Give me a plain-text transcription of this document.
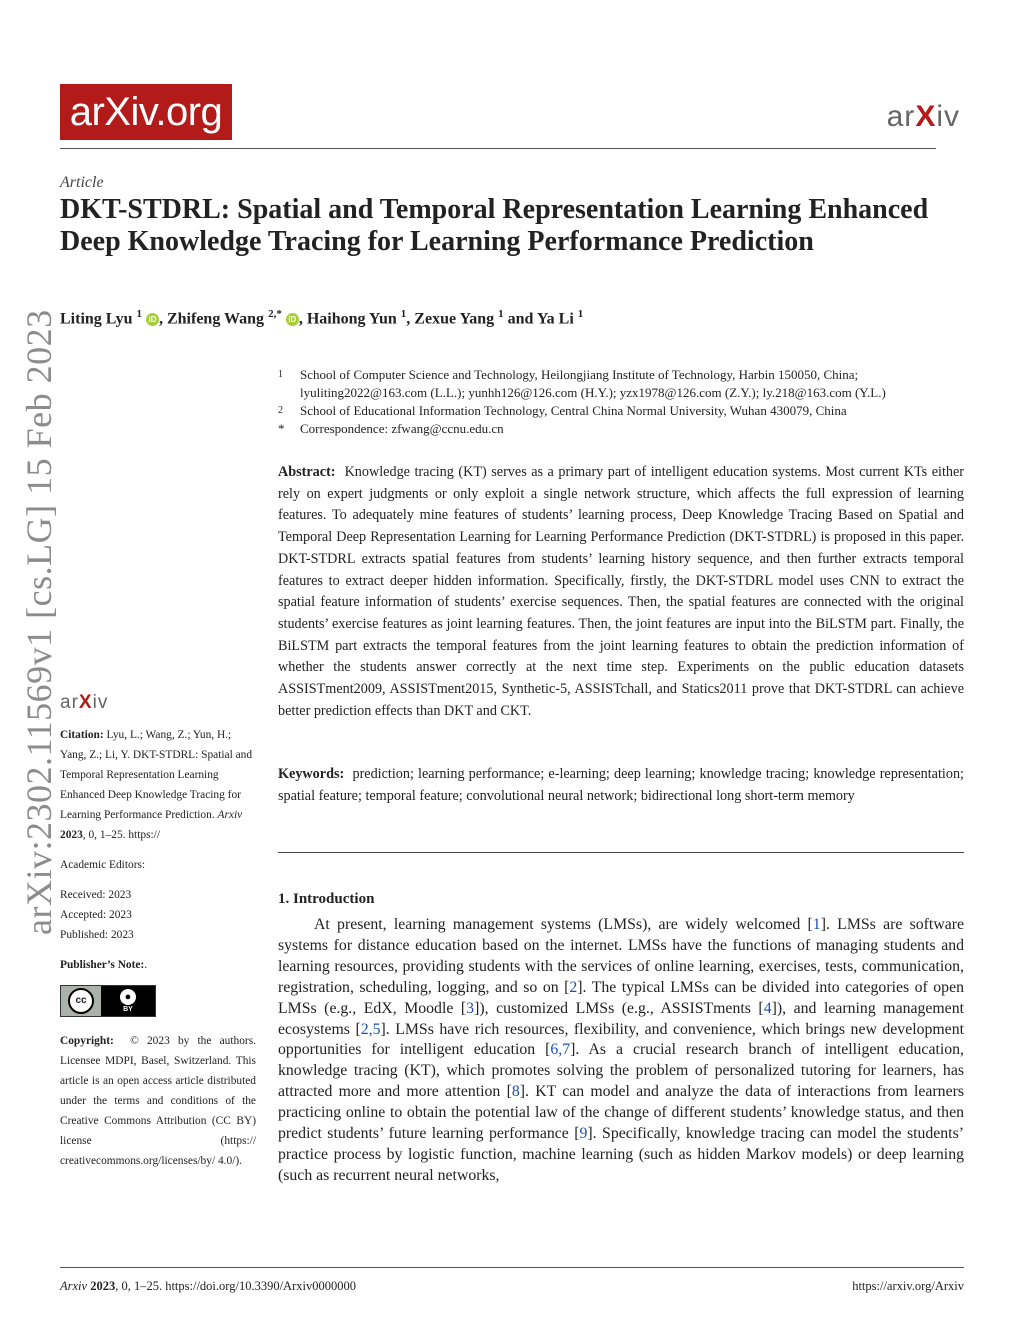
arXiv.org	arXiv
Article
DKT-STDRL: Spatial and Temporal Representation Learning Enhanced Deep Knowledge Tracing for Learning Performance Prediction
Liting Lyu $^1$ iD , Zhifeng Wang $^{2,*}$ iD , Haihong Yun $^1$, Zexue Yang $^1$ and Ya Li $^1$
arXiv:2302.11569v1 [cs.LG] 15 Feb 2023	1	School of Computer Science and Technology, Heilongjiang Institute of Technology, Harbin 150050, China; lyuliting2022@163.com (L.L.); yunhh126@126.com (H.Y.); yzx1978@126.com (Z.Y.); ly.218@163.com (Y.L.)
2	School of Educational Information Technology, Central China Normal University, Wuhan 430079, China
*	Correspondence: zfwang@ccnu.edu.cn
Abstract: Knowledge tracing (KT) serves as a primary part of intelligent education systems. Most current KTs either rely on expert judgments or only exploit a single network structure, which affects the full expression of learning features. To adequately mine features of students’ learning process, Deep Knowledge Tracing Based on Spatial and Temporal Deep Representation Learning for Learning Performance Prediction (DKT-STDRL) is proposed in this paper. DKT-STDRL extracts spatial features from students’ learning history sequence, and then further extracts temporal features to extract deeper hidden information. Specifically, firstly, the DKT-STDRL model uses CNN to extract the spatial feature information of students’ exercise sequences. Then, the spatial features are connected with the original students’ exercise features as joint learning features. Then, the joint features are input into the BiLSTM part. Finally, the BiLSTM part extracts the temporal features from the joint learning features to obtain the prediction information of whether the students answer correctly at the next time step. Experiments on the public education datasets ASSISTment2009, ASSISTment2015, Synthetic-5, ASSISTchall, and Statics2011 prove that DKT-STDRL can achieve better prediction effects than DKT and CKT.
Keywords: prediction; learning performance; e-learning; deep learning; knowledge tracing; knowledge representation; spatial feature; temporal feature; convolutional neural network; bidirectional long short-term memory
1. Introduction
At present, learning management systems (LMSs), are widely welcomed [1]. LMSs are software systems for distance education based on the internet. LMSs have the functions of managing students and learning resources, providing students with the services of online learning, exercises, tests, communication, registration, scheduling, logging, and so on [2]. The typical LMSs can be divided into categories of open LMSs (e.g., EdX, Moodle [3]), customized LMSs (e.g., ASSISTments [4]), and learning management ecosystems [2,5]. LMSs have rich resources, flexibility, and convenience, which brings new development opportunities for intelligent education [6,7]. As a crucial research branch of intelligent education, knowledge tracing (KT), which promotes solving the problem of personalized tutoring for learners, has attracted more and more attention [8]. KT can model and analyze the data of interactions from learners practicing online to obtain the potential law of the change of different students’ knowledge status, and then predict students’ future learning performance [9]. Specifically, knowledge tracing can model the students’ practice process by logistic function, machine learning (such as hidden Markov models) or deep learning (such as recurrent neural networks,
arXiv
Citation: Lyu, L.; Wang, Z.; Yun, H.; Yang, Z.; Li, Y. DKT-STDRL: Spatial and Temporal Representation Learning Enhanced Deep Knowledge Tracing for Learning Performance Prediction. Arxiv 2023, 0, 1–25. https://
Academic Editors:
Received: 2023
Accepted: 2023
Published: 2023
Publisher’s Note:.
cc	●
BY
Copyright: © 2023 by the authors. Licensee MDPI, Basel, Switzerland. This article is an open access article distributed under the terms and conditions of the Creative Commons Attribution (CC BY) license (https:// creativecommons.org/licenses/by/ 4.0/).
Arxiv 2023, 0, 1–25. https://doi.org/10.3390/Arxiv0000000	https://arxiv.org/Arxiv
